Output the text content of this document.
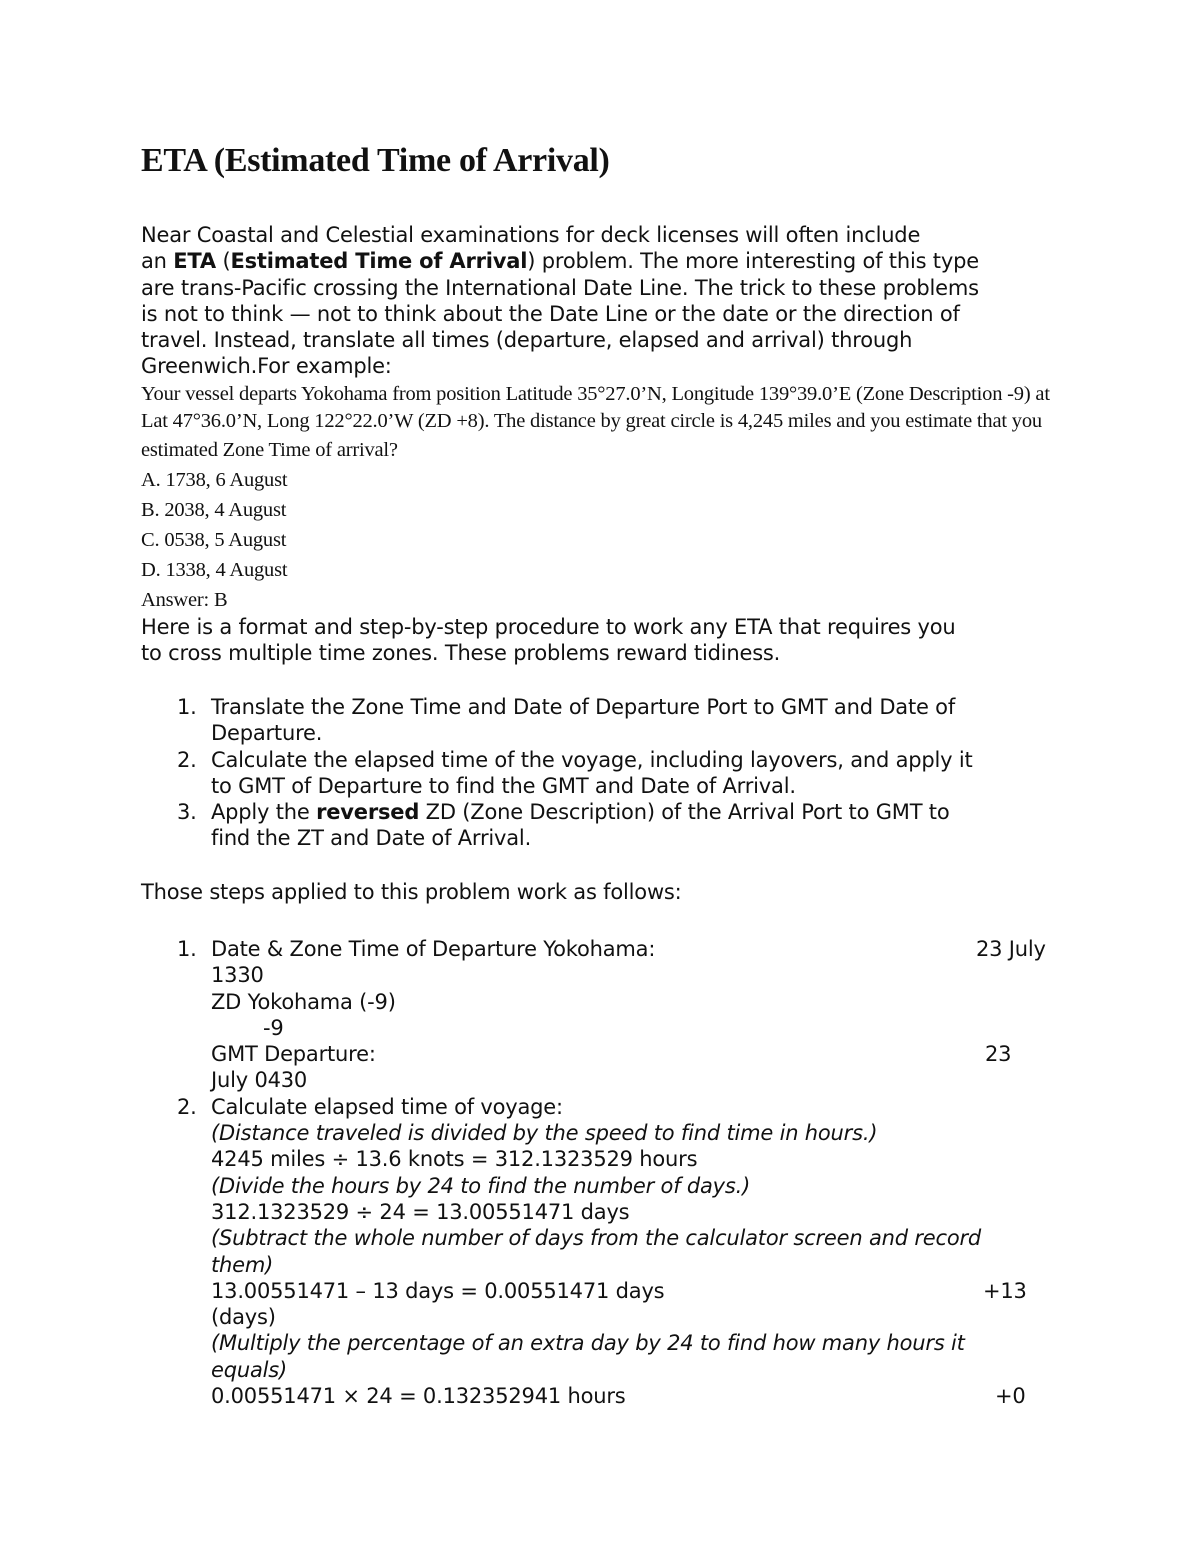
ETA (Estimated Time of Arrival)
Near Coastal and Celestial examinations for deck licenses will often include
an ETA (Estimated Time of Arrival) problem. The more interesting of this type
are trans-Pacific crossing the International Date Line. The trick to these problems
is not to think — not to think about the Date Line or the date or the direction of
travel. Instead, translate all times (departure, elapsed and arrival) through
Greenwich.For example:
Your vessel departs Yokohama from position Latitude 35°27.0’N, Longitude 139°39.0’E (Zone Description -9) at
Lat 47°36.0’N, Long 122°22.0’W (ZD +8). The distance by great circle is 4,245 miles and you estimate that you
estimated Zone Time of arrival?
A. 1738, 6 August
B. 2038, 4 August
C. 0538, 5 August
D. 1338, 4 August
Answer: B
Here is a format and step-by-step procedure to work any ETA that requires you
to cross multiple time zones. These problems reward tidiness.
1. Translate the Zone Time and Date of Departure Port to GMT and Date of
Departure.
2. Calculate the elapsed time of the voyage, including layovers, and apply it
to GMT of Departure to find the GMT and Date of Arrival.
3. Apply the reversed ZD (Zone Description) of the Arrival Port to GMT to
find the ZT and Date of Arrival.
Those steps applied to this problem work as follows:
1. Date & Zone Time of Departure Yokohama:	23 July
1330
ZD Yokohama (-9)
-9
GMT Departure:	23
July 0430
2. Calculate elapsed time of voyage:
(Distance traveled is divided by the speed to find time in hours.)
4245 miles ÷ 13.6 knots = 312.1323529 hours
(Divide the hours by 24 to find the number of days.)
312.1323529 ÷ 24 = 13.00551471 days
(Subtract the whole number of days from the calculator screen and record
them)
13.00551471 – 13 days = 0.00551471 days	+13
(days)
(Multiply the percentage of an extra day by 24 to find how many hours it
equals)
0.00551471 × 24 = 0.132352941 hours	+0
